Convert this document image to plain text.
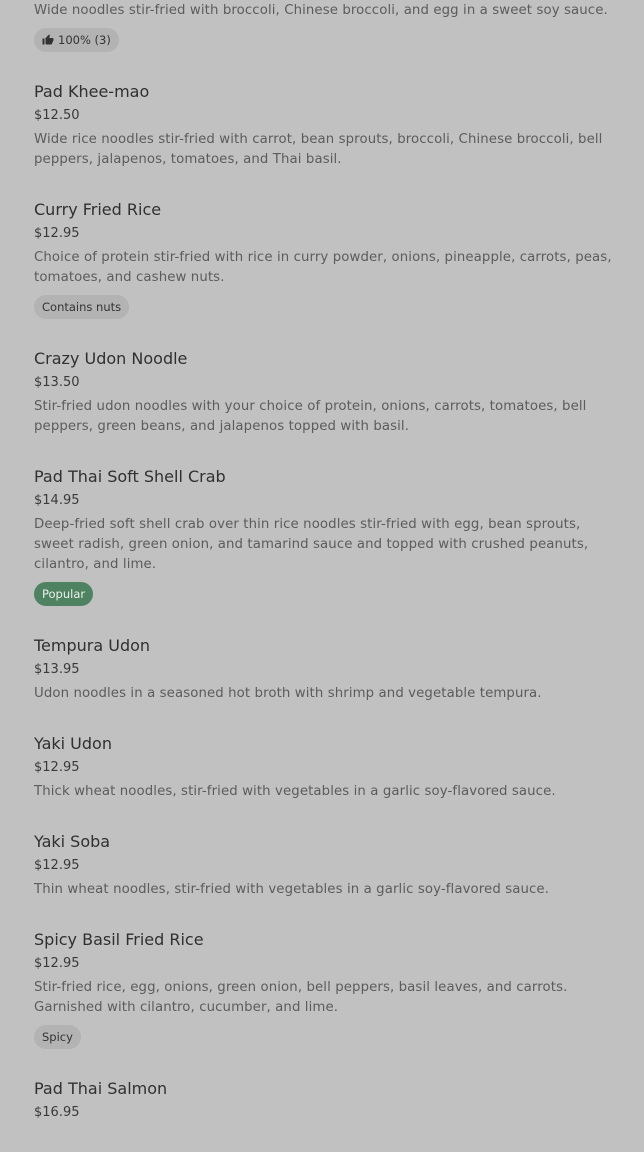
Wide noodles stir-fried with broccoli, Chinese broccoli, and egg in a sweet soy sauce.
100% (3)
Pad Khee-mao
$12.50
Wide rice noodles stir-fried with carrot, bean sprouts, broccoli, Chinese broccoli, bell peppers, jalapenos, tomatoes, and Thai basil.
Curry Fried Rice
$12.95
Choice of protein stir-fried with rice in curry powder, onions, pineapple, carrots, peas, tomatoes, and cashew nuts.
Contains nuts
Crazy Udon Noodle
$13.50
Stir-fried udon noodles with your choice of protein, onions, carrots, tomatoes, bell peppers, green beans, and jalapenos topped with basil.
Pad Thai Soft Shell Crab
$14.95
Deep-fried soft shell crab over thin rice noodles stir-fried with egg, bean sprouts, sweet radish, green onion, and tamarind sauce and topped with crushed peanuts, cilantro, and lime.
Popular
Tempura Udon
$13.95
Udon noodles in a seasoned hot broth with shrimp and vegetable tempura.
Yaki Udon
$12.95
Thick wheat noodles, stir-fried with vegetables in a garlic soy-flavored sauce.
Yaki Soba
$12.95
Thin wheat noodles, stir-fried with vegetables in a garlic soy-flavored sauce.
Spicy Basil Fried Rice
$12.95
Stir-fried rice, egg, onions, green onion, bell peppers, basil leaves, and carrots. Garnished with cilantro, cucumber, and lime.
Spicy
Pad Thai Salmon
$16.95
